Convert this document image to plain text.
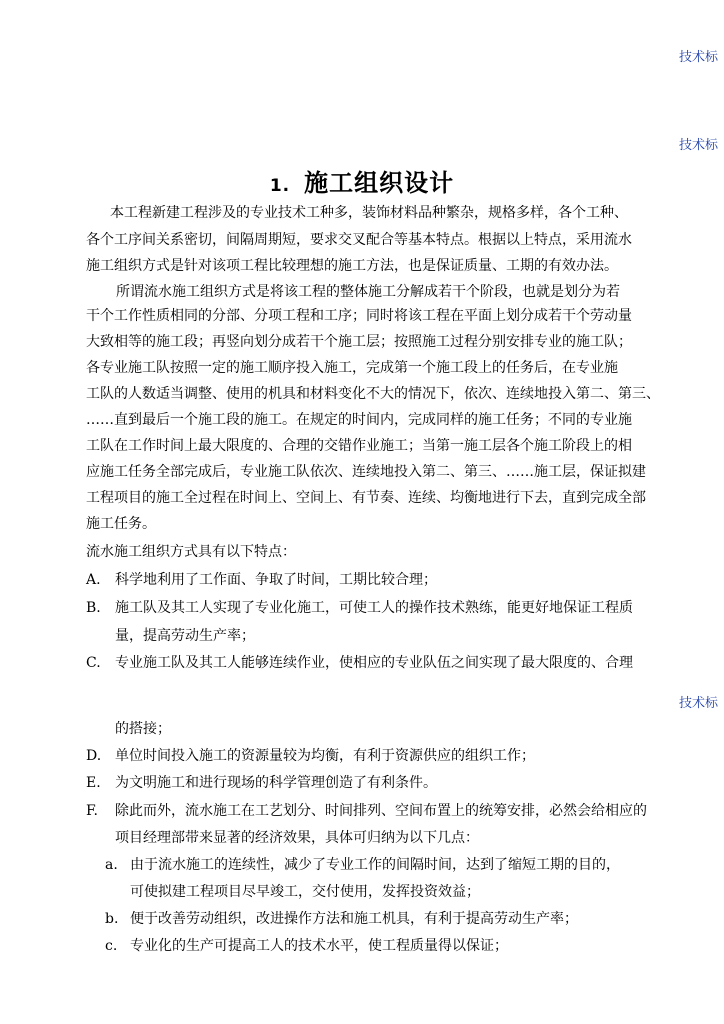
技术标
技术标
技术标
1. 施工组织设计
本工程新建工程涉及的专业技术工种多，装饰材料品种繁杂，规格多样，各个工种、
各个工序间关系密切，间隔周期短，要求交叉配合等基本特点。根据以上特点，采用流水
施工组织方式是针对该项工程比较理想的施工方法，也是保证质量、工期的有效办法。
所谓流水施工组织方式是将该工程的整体施工分解成若干个阶段，也就是划分为若
干个工作性质相同的分部、分项工程和工序；同时将该工程在平面上划分成若干个劳动量
大致相等的施工段；再竖向划分成若干个施工层；按照施工过程分别安排专业的施工队；
各专业施工队按照一定的施工顺序投入施工，完成第一个施工段上的任务后，在专业施
工队的人数适当调整、使用的机具和材料变化不大的情况下，依次、连续地投入第二、第三、
……直到最后一个施工段的施工。在规定的时间内，完成同样的施工任务；不同的专业施
工队在工作时间上最大限度的、合理的交错作业施工；当第一施工层各个施工阶段上的相
应施工任务全部完成后，专业施工队依次、连续地投入第二、第三、……施工层，保证拟建
工程项目的施工全过程在时间上、空间上、有节奏、连续、均衡地进行下去，直到完成全部
施工任务。
流水施工组织方式具有以下特点：
A. 科学地利用了工作面、争取了时间，工期比较合理；
B. 施工队及其工人实现了专业化施工，可使工人的操作技术熟练，能更好地保证工程质
量，提高劳动生产率；
C. 专业施工队及其工人能够连续作业，使相应的专业队伍之间实现了最大限度的、合理
的搭接；
D. 单位时间投入施工的资源量较为均衡，有利于资源供应的组织工作；
E. 为文明施工和进行现场的科学管理创造了有利条件。
F. 除此而外，流水施工在工艺划分、时间排列、空间布置上的统筹安排，必然会给相应的
项目经理部带来显著的经济效果，具体可归纳为以下几点：
a. 由于流水施工的连续性，减少了专业工作的间隔时间，达到了缩短工期的目的，
可使拟建工程项目尽早竣工，交付使用，发挥投资效益；
b. 便于改善劳动组织，改进操作方法和施工机具，有利于提高劳动生产率；
c. 专业化的生产可提高工人的技术水平，使工程质量得以保证；
